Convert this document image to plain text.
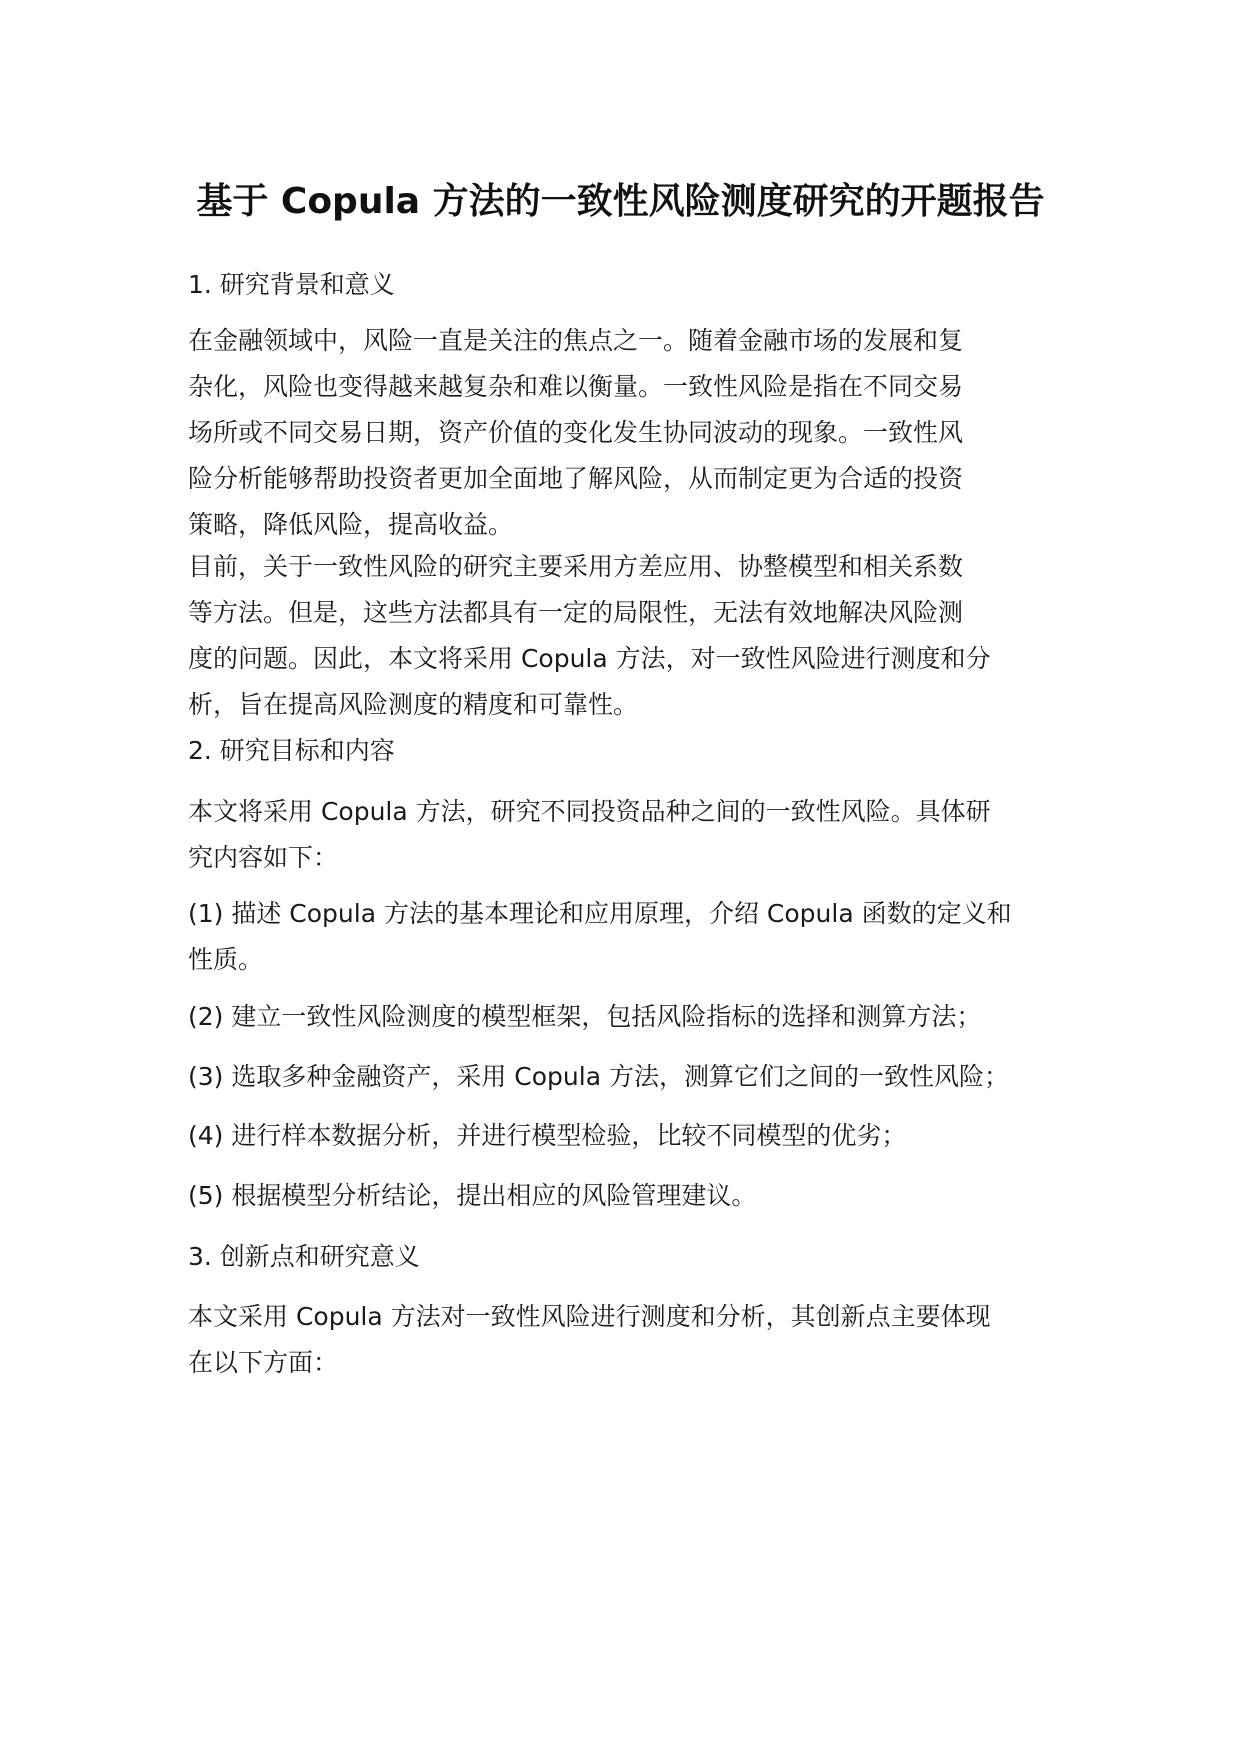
基于 Copula 方法的一致性风险测度研究的开题报告

1. 研究背景和意义

在金融领域中，风险一直是关注的焦点之一。随着金融市场的发展和复
杂化，风险也变得越来越复杂和难以衡量。一致性风险是指在不同交易
场所或不同交易日期，资产价值的变化发生协同波动的现象。一致性风
险分析能够帮助投资者更加全面地了解风险，从而制定更为合适的投资
策略，降低风险，提高收益。

目前，关于一致性风险的研究主要采用方差应用、协整模型和相关系数
等方法。但是，这些方法都具有一定的局限性，无法有效地解决风险测
度的问题。因此，本文将采用 Copula 方法，对一致性风险进行测度和分
析，旨在提高风险测度的精度和可靠性。

2. 研究目标和内容

本文将采用 Copula 方法，研究不同投资品种之间的一致性风险。具体研
究内容如下：

(1) 描述 Copula 方法的基本理论和应用原理，介绍 Copula 函数的定义和
性质。

(2) 建立一致性风险测度的模型框架，包括风险指标的选择和测算方法；

(3) 选取多种金融资产，采用 Copula 方法，测算它们之间的一致性风险；

(4) 进行样本数据分析，并进行模型检验，比较不同模型的优劣；

(5) 根据模型分析结论，提出相应的风险管理建议。

3. 创新点和研究意义

本文采用 Copula 方法对一致性风险进行测度和分析，其创新点主要体现
在以下方面：
